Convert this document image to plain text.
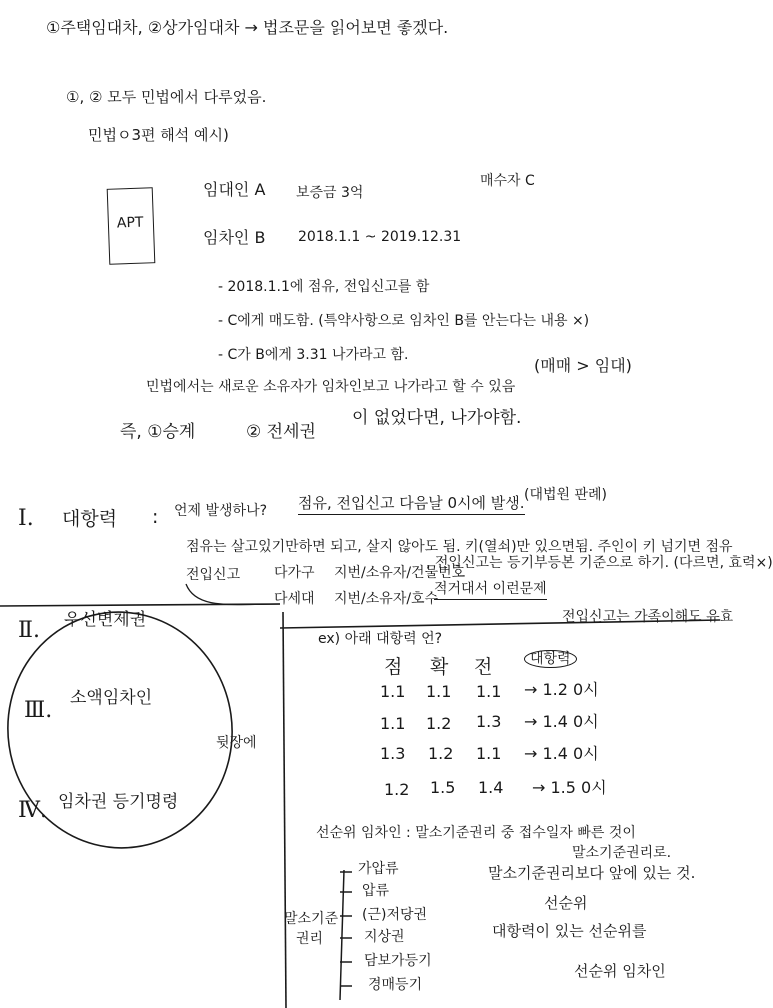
①주택임대차, ②상가임대차 → 법조문을 읽어보면 좋겠다.
①, ② 모두 민법에서 다루었음.
민법ㅇ3편 해석 예시)
APT
임대인 A 보증금 3억
매수자 C
임차인 B 2018.1.1 ~ 2019.12.31
- 2018.1.1에 점유, 전입신고를 함
- C에게 매도함. (특약사항으로 임차인 B를 안는다는 내용 ×)
- C가 B에게 3.31 나가라고 함.
민법에서는 새로운 소유자가 임차인보고 나가라고 할 수 있음
(매매 > 임대)
즉, ①승계	② 전세권
이 없었다면, 나가야함.
Ⅰ. 대항력 : 언제 발생하나? 점유, 전입신고 다음날 0시에 발생. (대법원 판례)
점유는 살고있기만하면 되고, 살지 않아도 됨. 키(열쇠)만 있으면됨. 주인이 키 넘기면 점유
전입신고 다가구 지번/소유자/건물번호
, 전입신고는 등기부등본 기준으로 하기. (다르면, 효력×)
다세대 지번/소유자/호수
적거대서 이런문제
전입신고는 가족이해도 유효
Ⅱ. 우선변제권
Ⅲ. 소액임차인
Ⅳ. 임차권 등기명령
뒷장에
ex) 아래 대항력 언?
점 확 전	대항력
1.1 1.1 1.1 → 1.2 0시
1.1 1.2 1.3 → 1.4 0시
1.3 1.2 1.1 → 1.4 0시
1.2 1.5 1.4 → 1.5 0시
선순위 임차인 : 말소기준권리 중 접수일자 빠른 것이
말소기준권리로.
가압류
압류
(근)저당권
지상권
담보가등기
경매등기
말소기준
권리
말소기준권리보다 앞에 있는 것.
선순위
대항력이 있는 선순위를
선순위 임차인
